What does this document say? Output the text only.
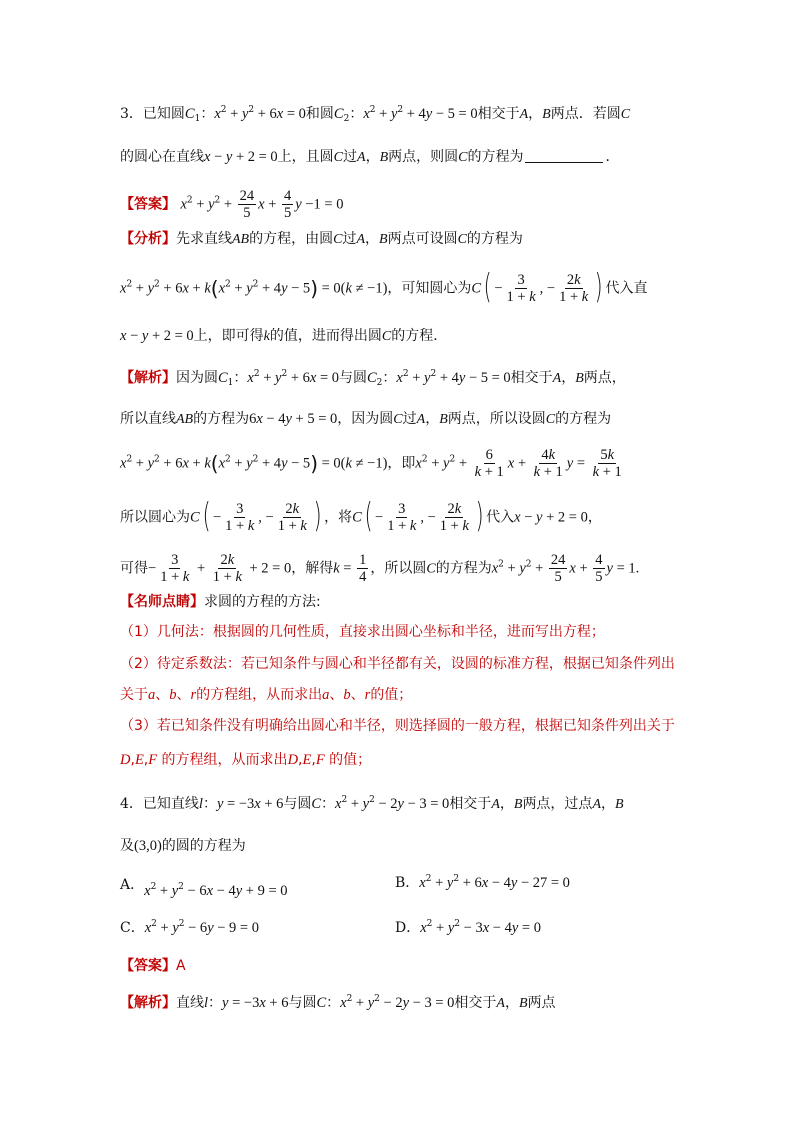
3．已知圆$C_1$：$x^2 + y^2 + 6x = 0$和圆$C_2$：$x^2 + y^2 + 4y - 5 = 0$相交于A，B两点．若圆C
的圆心在直线x − y + 2 = 0上，且圆C过A，B两点，则圆C的方程为	．
【答案】 $x^2 + y^2 + \frac{24}{5}$ $x + \frac{4}{5}$ y −1 = 0
【分析】先求直线AB的方程，由圆C过A，B两点可设圆C的方程为
$x^2 + y^2 + 6x + k(x^2 + y^2 + 4y - 5) = 0(k \ne -1)$，可知圆心为$C( - \frac{3}{1 + k}$ , − $\frac{2k}{1 + k}$ ) 代入直
x − y + 2 = 0上，即可得k的值，进而得出圆C的方程．
【解析】因为圆$C_1$：$x^2 + y^2 + 6x = 0$与圆$C_2$：$x^2 + y^2 + 4y - 5 = 0$相交于A，B两点，
所以直线AB的方程为6x − 4y + 5 = 0，因为圆C过A，B两点，所以设圆C的方程为
$x^2 + y^2 + 6x + k(x^2 + y^2 + 4y - 5) = 0(k \ne -1)$，即$x^2 + y^2 + \frac{6}{k + 1}$ $x + \frac{4k}{k + 1}$ $y = \frac{5k}{k + 1}$
所以圆心为$C( - \frac{3}{1 + k}$ , − $\frac{2k}{1 + k}$ ) ，将$C( - \frac{3}{1 + k}$ , − $\frac{2k}{1 + k}$ ) 代入x − y + 2 = 0，
可得− $\frac{3}{1 + k} + \frac{2k}{1 + k} + 2 = 0$，解得$k = \frac{1}{4}$ ，所以圆C的方程为$x^2 + y^2 + \frac{24}{5}$ $x + \frac{4}{5}$ y = 1.
【名师点睛】求圆的方程的方法:
（1）几何法：根据圆的几何性质，直接求出圆心坐标和半径，进而写出方程；
（2）待定系数法：若已知条件与圆心和半径都有关，设圆的标准方程，根据已知条件列出
关于a、b、r的方程组，从而求出a、b、r的值；
（3）若已知条件没有明确给出圆心和半径，则选择圆的一般方程，根据已知条件列出关于
D,E,F 的方程组，从而求出D,E,F 的值；
4．已知直线l：y = −3x + 6与圆C：$x^2 + y^2 - 2y - 3 = 0$相交于A，B两点，过点A，B
及(3,0)的圆的方程为
A．$x^2 + y^2 - 6x - 4y + 9 = 0$	B．$x^2 + y^2 + 6x - 4y - 27 = 0$
C．$x^2 + y^2 - 6y - 9 = 0$	D．$x^2 + y^2 - 3x - 4y = 0$
【答案】A
【解析】直线l：y = −3x + 6与圆C：$x^2 + y^2 - 2y - 3 = 0$相交于A，B两点
